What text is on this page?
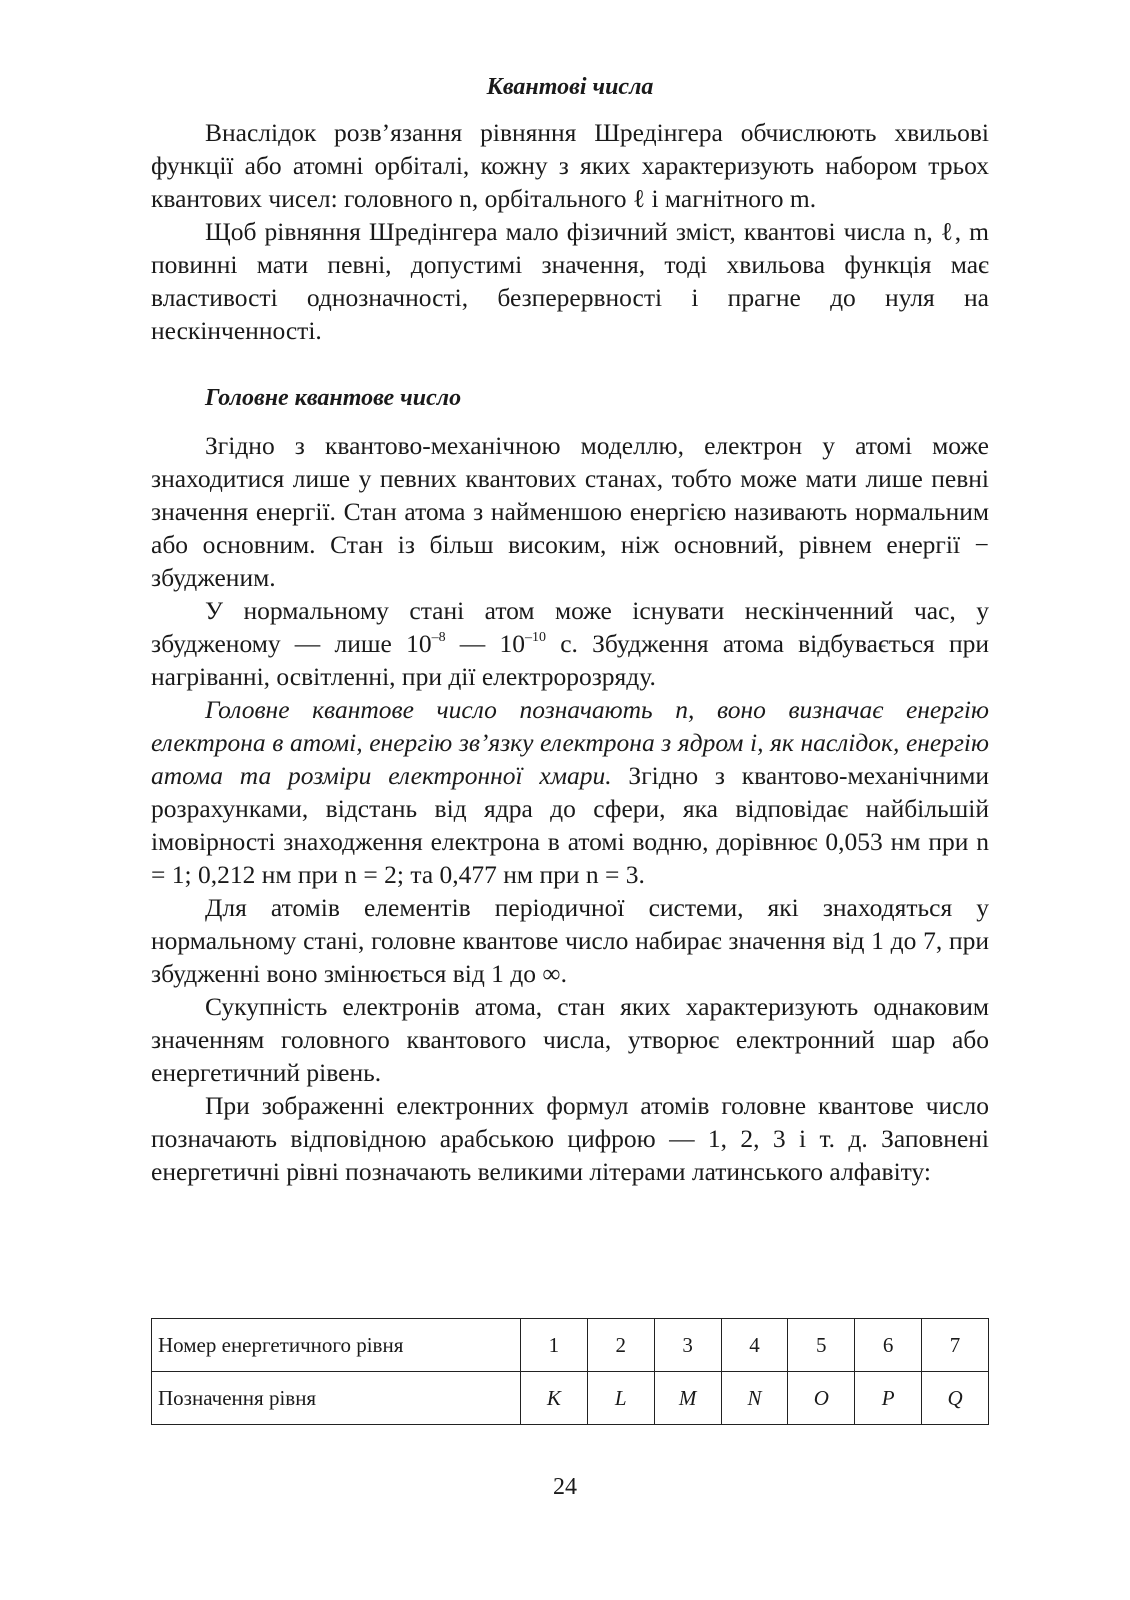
Квантові числа

Внаслідок розв’язання рівняння Шредінгера обчислюють хвильові функції або атомні орбіталі, кожну з яких характеризують набором трьох квантових чисел: головного n, орбітального ℓ і магнітного m.

Щоб рівняння Шредінгера мало фізичний зміст, квантові числа n, ℓ, m повинні мати певні, допустимі значення, тоді хвильова функція має властивості однозначності, безперервності і прагне до нуля на нескінченності.

Головне квантове число

Згідно з квантово-механічною моделлю, електрон у атомі може знаходитися лише у певних квантових станах, тобто може мати лише певні значення енергії. Стан атома з найменшою енергією називають нормальним або основним. Стан із більш високим, ніж основний, рівнем енергії − збудженим.

У нормальному стані атом може існувати нескінченний час, у збудженому — лише $10^{-8}$ — $10^{-10}$ с. Збудження атома відбувається при нагріванні, освітленні, при дії електророзряду.

Головне квантове число позначають n, воно визначає енергію електрона в атомі, енергію зв’язку електрона з ядром і, як наслідок, енергію атома та розміри електронної хмари. Згідно з квантово-механічними розрахунками, відстань від ядра до сфери, яка відповідає найбільшій імовірності знаходження електрона в атомі водню, дорівнює 0,053 нм при n = 1; 0,212 нм при n = 2; та 0,477 нм при n = 3.

Для атомів елементів періодичної системи, які знаходяться у нормальному стані, головне квантове число набирає значення від 1 до 7, при збудженні воно змінюється від 1 до ∞.

Сукупність електронів атома, стан яких характеризують однаковим значенням головного квантового числа, утворює електронний шар або енергетичний рівень.

При зображенні електронних формул атомів головне квантове число позначають відповідною арабською цифрою — 1, 2, 3 і т. д. Заповнені енергетичні рівні позначають великими літерами латинського алфавіту:

Номер енергетичного рівня	1	2	3	4	5	6	7
Позначення рівня	K	L	M	N	O	P	Q
24
